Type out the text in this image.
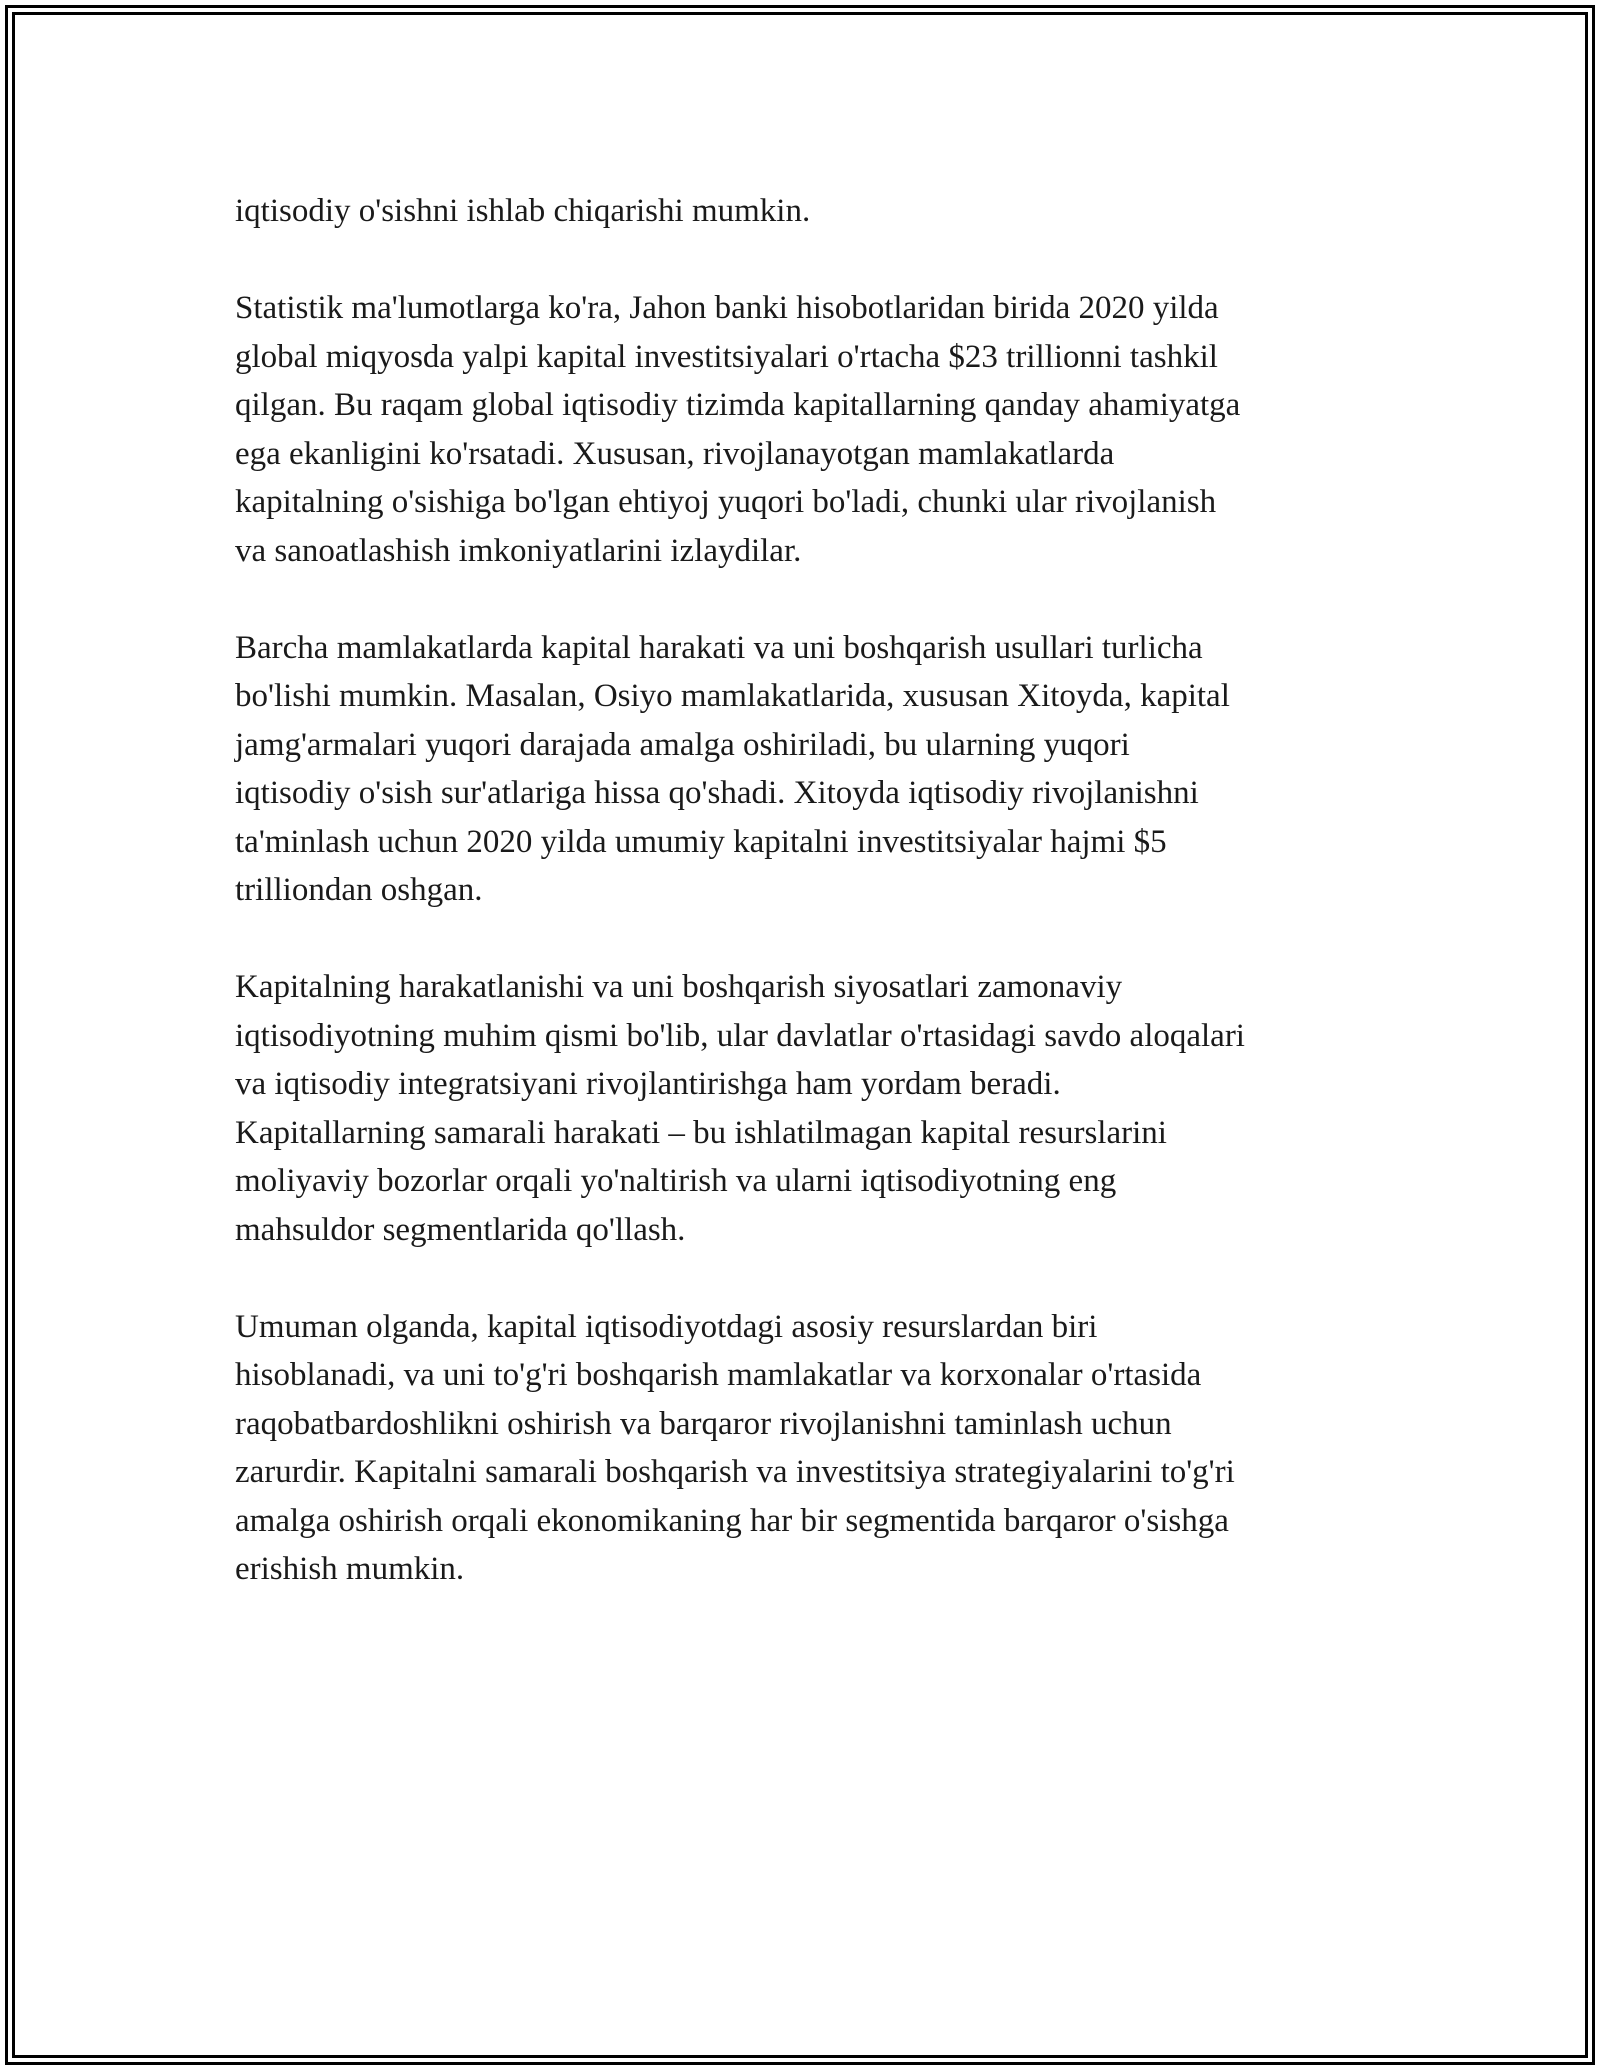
iqtisodiy o'sishni ishlab chiqarishi mumkin.

Statistik ma'lumotlarga ko'ra, Jahon banki hisobotlaridan birida 2020 yilda
global miqyosda yalpi kapital investitsiyalari o'rtacha $23 trillionni tashkil
qilgan. Bu raqam global iqtisodiy tizimda kapitallarning qanday ahamiyatga
ega ekanligini ko'rsatadi. Xususan, rivojlanayotgan mamlakatlarda
kapitalning o'sishiga bo'lgan ehtiyoj yuqori bo'ladi, chunki ular rivojlanish
va sanoatlashish imkoniyatlarini izlaydilar.

Barcha mamlakatlarda kapital harakati va uni boshqarish usullari turlicha
bo'lishi mumkin. Masalan, Osiyo mamlakatlarida, xususan Xitoyda, kapital
jamg'armalari yuqori darajada amalga oshiriladi, bu ularning yuqori
iqtisodiy o'sish sur'atlariga hissa qo'shadi. Xitoyda iqtisodiy rivojlanishni
ta'minlash uchun 2020 yilda umumiy kapitalni investitsiyalar hajmi $5
trilliondan oshgan.

Kapitalning harakatlanishi va uni boshqarish siyosatlari zamonaviy
iqtisodiyotning muhim qismi bo'lib, ular davlatlar o'rtasidagi savdo aloqalari
va iqtisodiy integratsiyani rivojlantirishga ham yordam beradi.
Kapitallarning samarali harakati – bu ishlatilmagan kapital resurslarini
moliyaviy bozorlar orqali yo'naltirish va ularni iqtisodiyotning eng
mahsuldor segmentlarida qo'llash.

Umuman olganda, kapital iqtisodiyotdagi asosiy resurslardan biri
hisoblanadi, va uni to'g'ri boshqarish mamlakatlar va korxonalar o'rtasida
raqobatbardoshlikni oshirish va barqaror rivojlanishni taminlash uchun
zarurdir. Kapitalni samarali boshqarish va investitsiya strategiyalarini to'g'ri
amalga oshirish orqali ekonomikaning har bir segmentida barqaror o'sishga
erishish mumkin.
